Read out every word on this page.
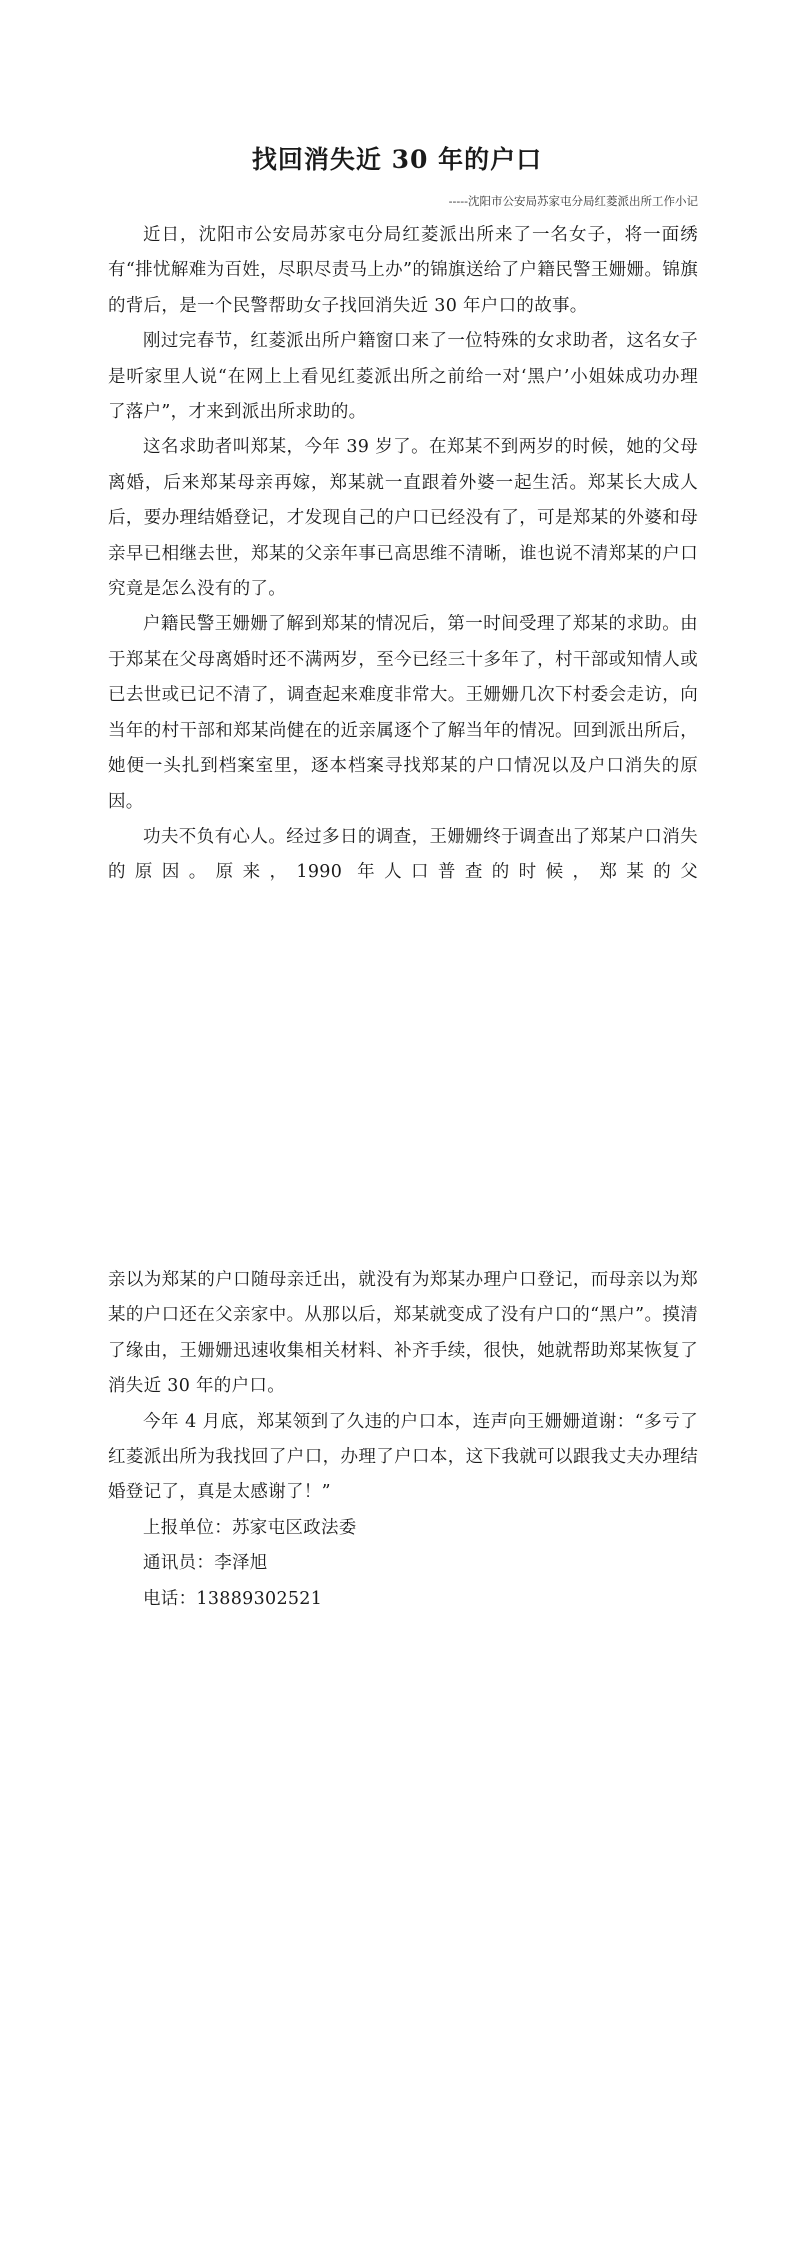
找回消失近 30 年的户口
-----沈阳市公安局苏家屯分局红菱派出所工作小记

近日，沈阳市公安局苏家屯分局红菱派出所来了一名女子，将一面绣有“排忧解难为百姓，尽职尽责马上办”的锦旗送给了户籍民警王姗姗。锦旗的背后，是一个民警帮助女子找回消失近 30 年户口的故事。

刚过完春节，红菱派出所户籍窗口来了一位特殊的女求助者，这名女子是听家里人说“在网上上看见红菱派出所之前给一对‘黑户’小姐妹成功办理了落户”，才来到派出所求助的。

这名求助者叫郑某，今年 39 岁了。在郑某不到两岁的时候，她的父母离婚，后来郑某母亲再嫁，郑某就一直跟着外婆一起生活。郑某长大成人后，要办理结婚登记，才发现自己的户口已经没有了，可是郑某的外婆和母亲早已相继去世，郑某的父亲年事已高思维不清晰，谁也说不清郑某的户口究竟是怎么没有的了。

户籍民警王姗姗了解到郑某的情况后，第一时间受理了郑某的求助。由于郑某在父母离婚时还不满两岁，至今已经三十多年了，村干部或知情人或已去世或已记不清了，调查起来难度非常大。王姗姗几次下村委会走访，向当年的村干部和郑某尚健在的近亲属逐个了解当年的情况。回到派出所后，她便一头扎到档案室里，逐本档案寻找郑某的户口情况以及户口消失的原因。

功夫不负有心人。经过多日的调查，王姗姗终于调查出了郑某户口消失的原因。原来，1990 年人口普查的时候，郑某的父

亲以为郑某的户口随母亲迁出，就没有为郑某办理户口登记，而母亲以为郑某的户口还在父亲家中。从那以后，郑某就变成了没有户口的“黑户”。摸清了缘由，王姗姗迅速收集相关材料、补齐手续，很快，她就帮助郑某恢复了消失近 30 年的户口。

今年 4 月底，郑某领到了久违的户口本，连声向王姗姗道谢：“多亏了红菱派出所为我找回了户口，办理了户口本，这下我就可以跟我丈夫办理结婚登记了，真是太感谢了！”

上报单位：苏家屯区政法委
通讯员：李泽旭
电话：13889302521
